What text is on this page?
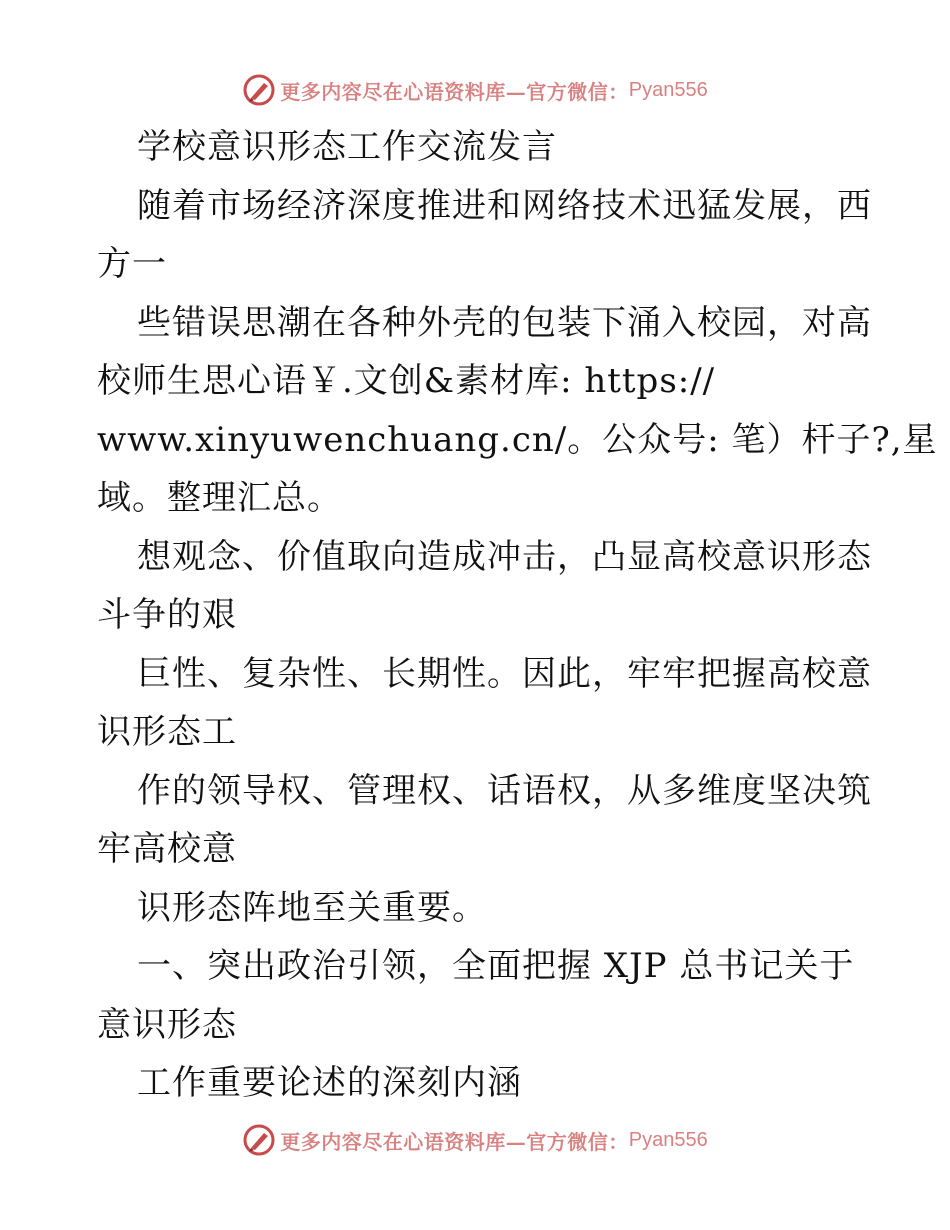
更多内容尽在心语资料库— 官方微信： Pyan556
学校意识形态工作交流发言
随着市场经济深度推进和网络技术迅猛发展，西
方一
些错误思潮在各种外壳的包装下涌入校园，对高
校师生思心语￥.文创&素材库: https://
www.xinyuwenchuang.cn/。公众号: 笔）杆子?,星
域。整理汇总。
想观念、价值取向造成冲击，凸显高校意识形态
斗争的艰
巨性、复杂性、长期性。因此，牢牢把握高校意
识形态工
作的领导权、管理权、话语权，从多维度坚决筑
牢高校意
识形态阵地至关重要。
一、突出政治引领，全面把握 XJP 总书记关于
意识形态
工作重要论述的深刻内涵
更多内容尽在心语资料库— 官方微信： Pyan556
